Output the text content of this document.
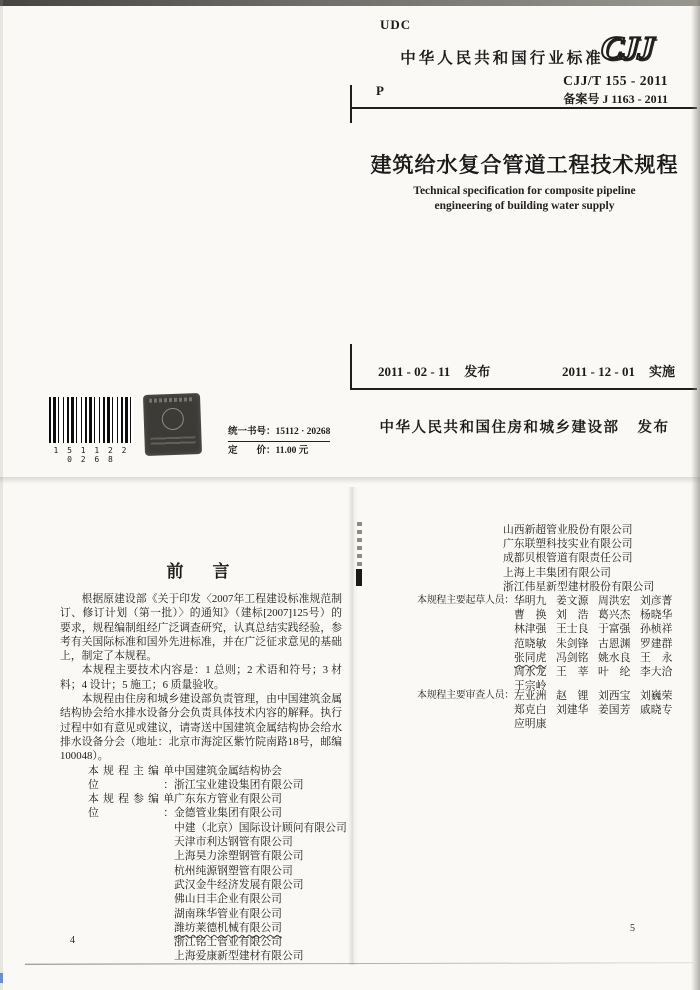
UDC
中华人民共和国行业标准
CJJ
CJJ/T 155 - 2011
备案号 J 1163 - 2011
P
建筑给水复合管道工程技术规程
Technical specification for composite pipeline
engineering of building water supply
2011 - 02 - 11 发布	2011 - 12 - 01 实施
中华人民共和国住房和城乡建设部 发布
1 5 1 1 2 2 0 2 6 8
统一书号：15112 · 20268
定　　价：11.00 元
前　言

根据原建设部《关于印发〈2007年工程建设标准规范制订、修订计划（第一批）〉的通知》（建标[2007]125号）的要求，规程编制组经广泛调查研究，认真总结实践经验，参考有关国际标准和国外先进标准，并在广泛征求意见的基础上，制定了本规程。

本规程主要技术内容是：1 总则；2 术语和符号；3 材料；4 设计；5 施工；6 质量验收。

本规程由住房和城乡建设部负责管理，由中国建筑金属结构协会给水排水设备分会负责具体技术内容的解释。执行过程中如有意见或建议，请寄送中国建筑金属结构协会给水排水设备分会（地址：北京市海淀区紫竹院南路18号，邮编100048）。

本规程主编单位：
中国建筑金属结构协会
浙江宝业建设集团有限公司
本规程参编单位：
广东东方管业有限公司
金德管业集团有限公司
中建（北京）国际设计顾问有限公司
天津市利达钢管有限公司
上海昊力涂塑钢管有限公司
杭州纯源钢塑管有限公司
武汉金牛经济发展有限公司
佛山日丰企业有限公司
湖南珠华管业有限公司
潍坊莱德机械有限公司
浙江铭士管业有限公司
上海爱康新型建材有限公司
4
山西新超管业股份有限公司
广东联塑科技实业有限公司
成都贝根管道有限责任公司
上海上丰集团有限公司
浙江伟星新型建材股份有限公司
本规程主要起草人员： 华明九 姜文源 周洪宏 刘彦菁
曹　换 刘　浩 葛兴杰 杨晓华
林津强 王士良 于富强 孙桢祥
范晓敏 朱剑锋 古恩渊 罗建群
张同虎 冯剑铭 姚水良 王　永
周水龙 王　莘 叶　纶 李大洽
王宗岭
本规程主要审查人员： 左亚洲 赵　锂 刘西宝 刘巍荣
郑克白 刘建华 姜国芳 戚晓专
应明康
5
